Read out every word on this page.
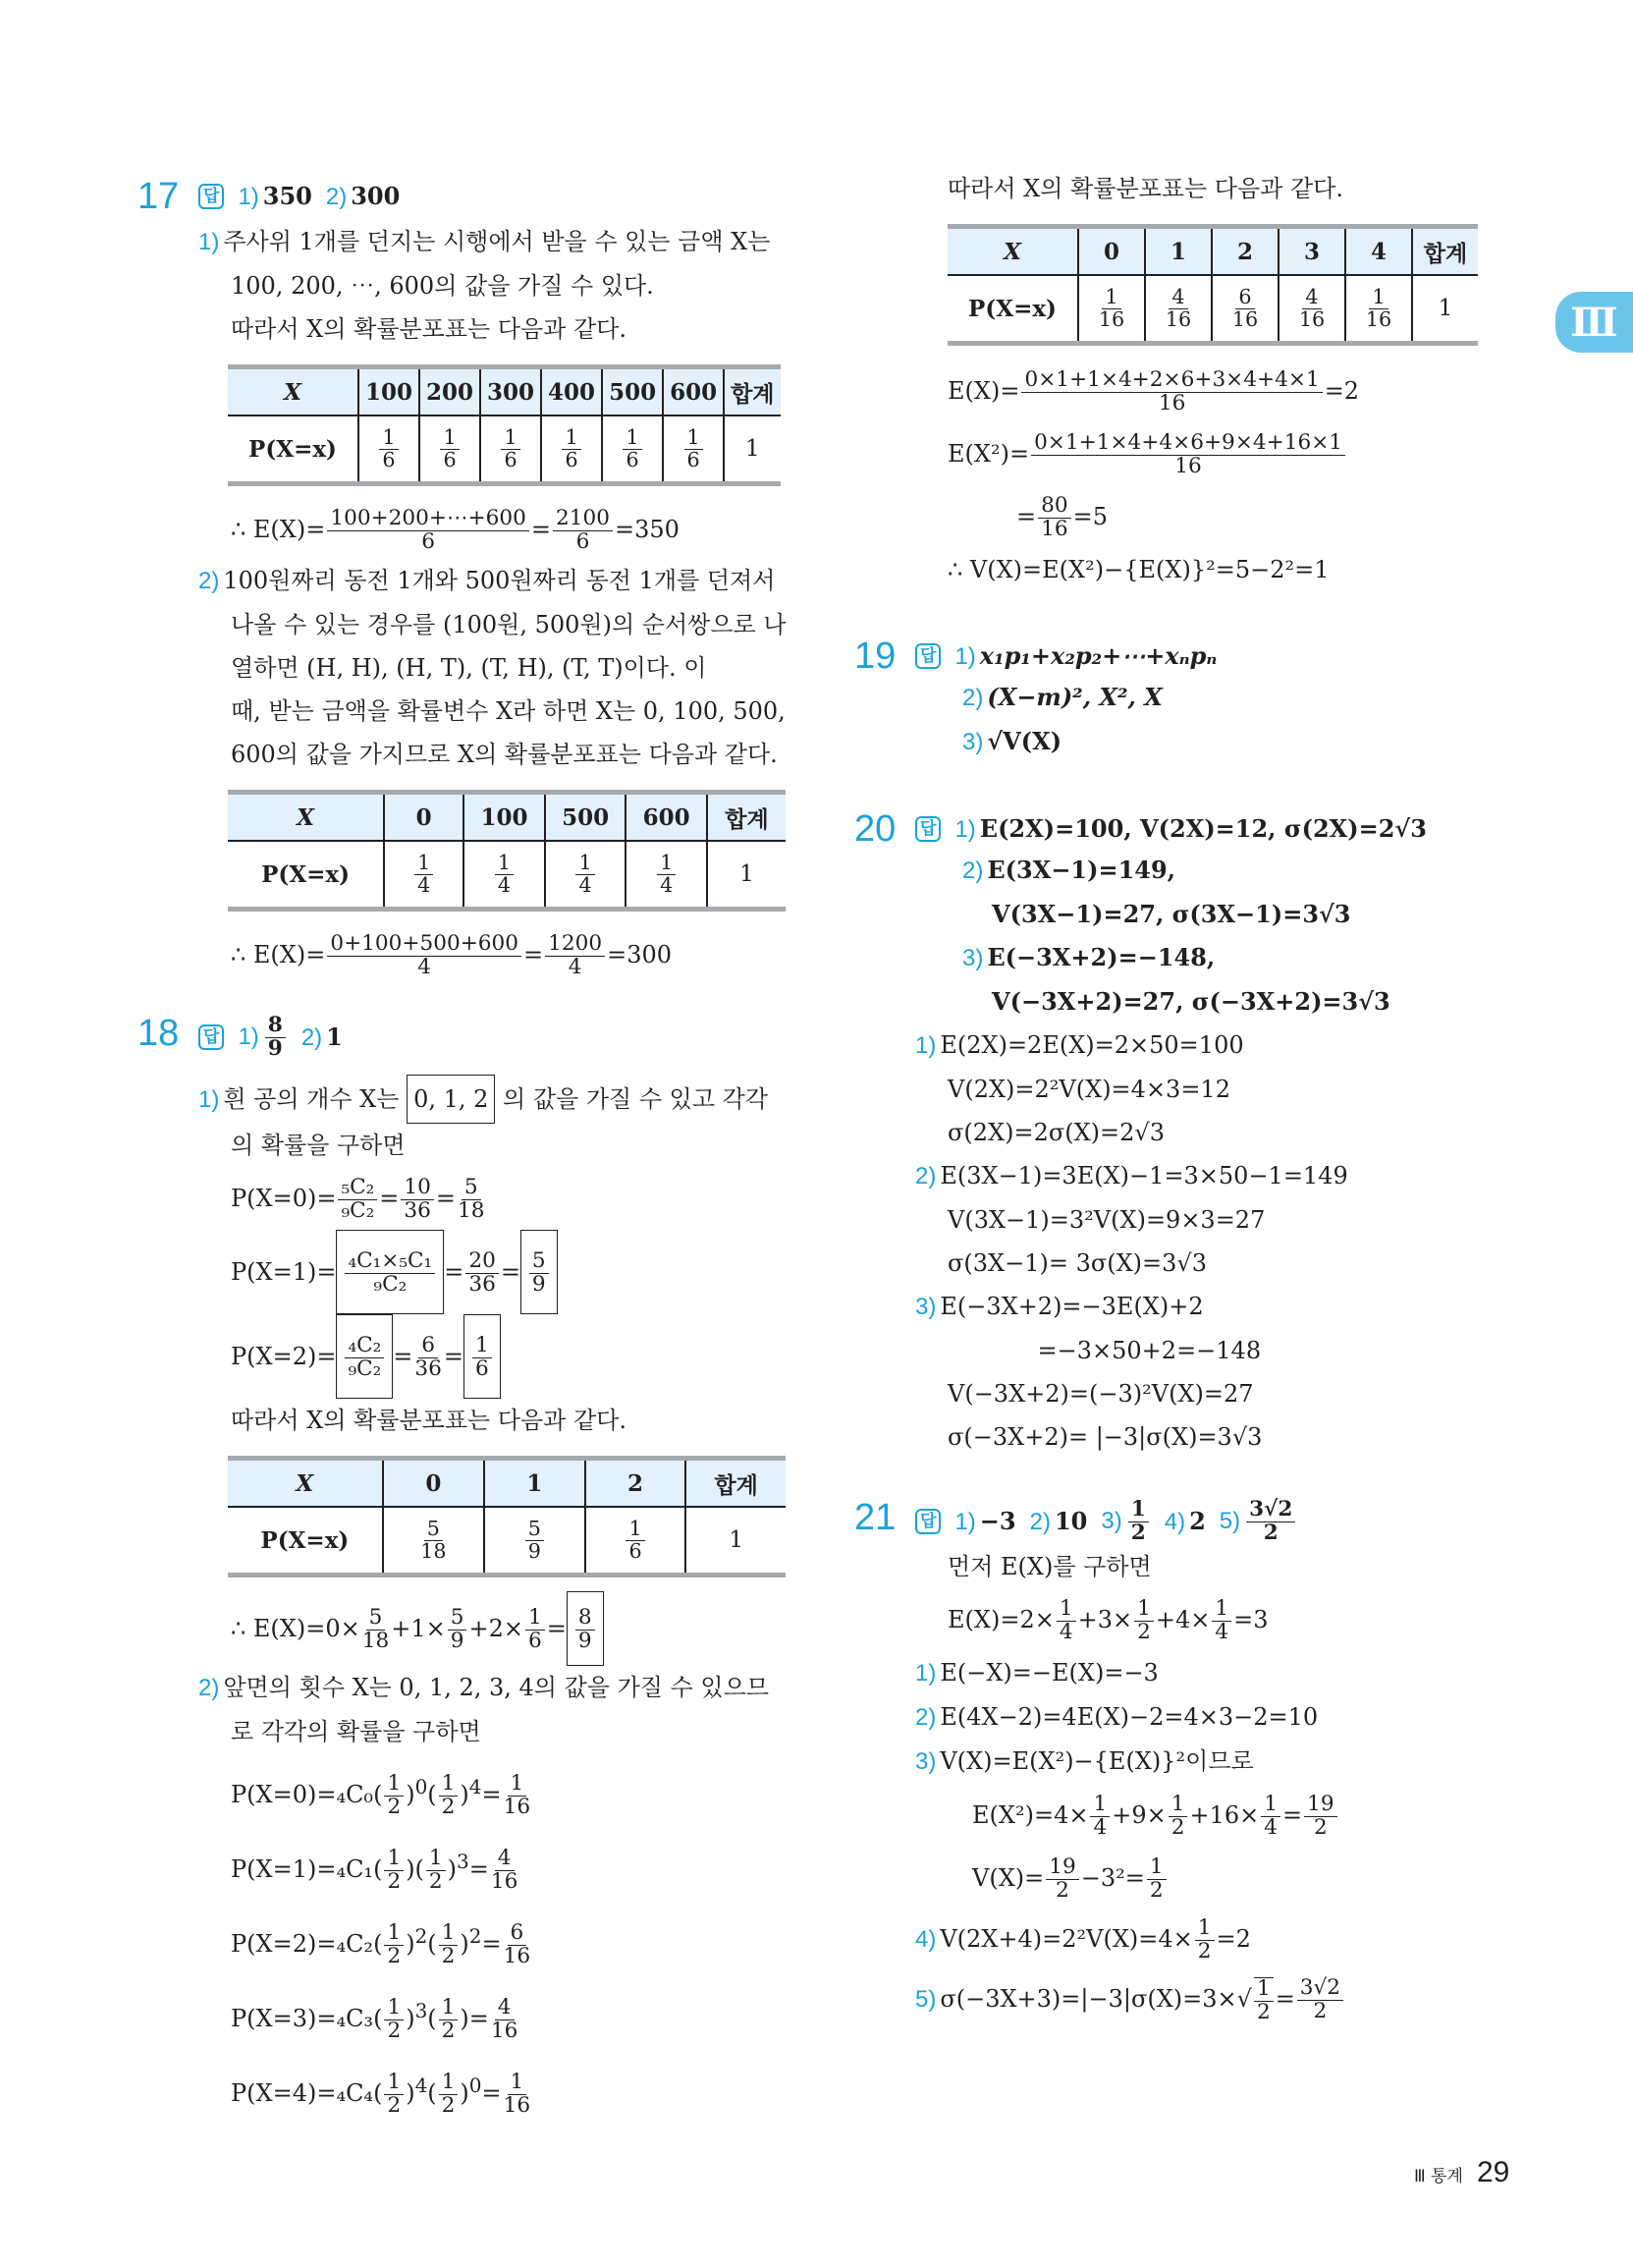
Ⅲ
17 답 1) 350 2) 300
1) 주사위 1개를 던지는 시행에서 받을 수 있는 금액 X는
100, 200, ⋯, 600의 값을 가질 수 있다.
따라서 X의 확률분포표는 다음과 같다.
X	100	200	300	400	500	600	합계
P(X=x)	$\frac{1}{6}$	$\frac{1}{6}$	$\frac{1}{6}$	$\frac{1}{6}$	$\frac{1}{6}$	$\frac{1}{6}$	1
∴ $E(X)= \frac{100+200+\cdots+600}{6} = \frac{2100}{6} =350$
2) 100원짜리 동전 1개와 500원짜리 동전 1개를 던져서
나올 수 있는 경우를 (100원, 500원)의 순서쌍으로 나
열하면 (H, H), (H, T), (T, H), (T, T)이다. 이
때, 받는 금액을 확률변수 X라 하면 X는 0, 100, 500,
600의 값을 가지므로 X의 확률분포표는 다음과 같다.
X	0	100	500	600	합계
P(X=x)	$\frac{1}{4}$	$\frac{1}{4}$	$\frac{1}{4}$	$\frac{1}{4}$	1
∴ $E(X)= \frac{0+100+500+600}{4} = \frac{1200}{4} =300$
18 답 $1) \frac{8}{9} 2$) 1
1) 흰 공의 개수 X는 0, 1, 2 의 값을 가질 수 있고 각각
의 확률을 구하면
$P(X=0)= \frac{\text{₅C₂}}{\text{₉C₂}} = \frac{10}{36} = \frac{5}{18}$
$P(X=1)= \frac{\text{₄C₁×₅C₁}}{\text{₉C₂}} = \frac{20}{36} = \frac{5}{9}$
$P(X=2)= \frac{\text{₄C₂}}{\text{₉C₂}} = \frac{6}{36} = \frac{1}{6}$
따라서 X의 확률분포표는 다음과 같다.
X	0	1	2	합계
P(X=x)	$\frac{5}{18}$	$\frac{5}{9}$	$\frac{1}{6}$	1
∴ $E(X)=0\times \frac{5}{18} +1\times \frac{5}{9} +2\times \frac{1}{6} = \frac{8}{9}$
2) 앞면의 횟수 X는 0, 1, 2, 3, 4의 값을 가질 수 있으므
로 각각의 확률을 구하면
$P(X=0)=_4C_0( \frac{1}{2} )^0( \frac{1}{2} )^4= \frac{1}{16}$
$P(X=1)=_4C_1( \frac{1}{2}$ )( $\frac{1}{2} )^3= \frac{4}{16}$
$P(X=2)=_4C_2( \frac{1}{2} )^2( \frac{1}{2} )^2= \frac{6}{16}$
$P(X=3)=_4C_3( \frac{1}{2} )^3( \frac{1}{2}$ )= $\frac{4}{16}$
$P(X=4)=_4C_4( \frac{1}{2} )^4( \frac{1}{2} )^0= \frac{1}{16}$
따라서 X의 확률분포표는 다음과 같다.
X	0	1	2	3	4	합계
P(X=x)	$\frac{1}{16}$	$\frac{4}{16}$	$\frac{6}{16}$	$\frac{4}{16}$	$\frac{1}{16}$	1
$E(X)= \frac{0\times 1+1\times 4+2\times 6+3\times 4+4\times 1}{16} =2$
$E(X^2)= \frac{0\times 1+1\times 4+4\times 6+9\times 4+16\times 1}{16}$
= $\frac{80}{16} =5$
∴ V(X)=E(X²)−{E(X)}²=5−2²=1
19 답 1) x₁p₁+x₂p₂+⋯+xₙpₙ
2) (X−m)², X², X
3) √V(X)
20 답 1) E(2X)=100, V(2X)=12, σ(2X)=2√3
2) E(3X−1)=149,
V(3X−1)=27, σ(3X−1)=3√3
3) E(−3X+2)=−148,
V(−3X+2)=27, σ(−3X+2)=3√3
1) E(2X)=2E(X)=2×50=100
V(2X)=2²V(X)=4×3=12
σ(2X)=2σ(X)=2√3
2) E(3X−1)=3E(X)−1=3×50−1=149
V(3X−1)=3²V(X)=9×3=27
σ(3X−1)= 3σ(X)=3√3
3) E(−3X+2)=−3E(X)+2
=−3×50+2=−148
V(−3X+2)=(−3)²V(X)=27
σ(−3X+2)= |−3|σ(X)=3√3
21 답 1) −3 2) 10 $3) \frac{1}{2} 4$) 2 $5) \frac{3√2}{2}$
먼저 E(X)를 구하면
$E(X)=2\times \frac{1}{4} +3\times \frac{1}{2} +4\times \frac{1}{4} =3$
1) E(−X)=−E(X)=−3
2) E(4X−2)=4E(X)−2=4×3−2=10
3) V(X)=E(X²)−{E(X)}²이므로
$E(X^2)=4\times \frac{1}{4} +9\times \frac{1}{2} +16\times \frac{1}{4} = \frac{19}{2}$
$V(X)= \frac{19}{2} -3^2= \frac{1}{2}$
4) $V(2X+4)=2^2V(X)=4\times \frac{1}{2} =2$
5) $\sigma(-3X+3)=|-3|\sigma(X)=3\times√ \frac{1}{2} = \frac{3√2}{2}$
Ⅲ 통계 29
